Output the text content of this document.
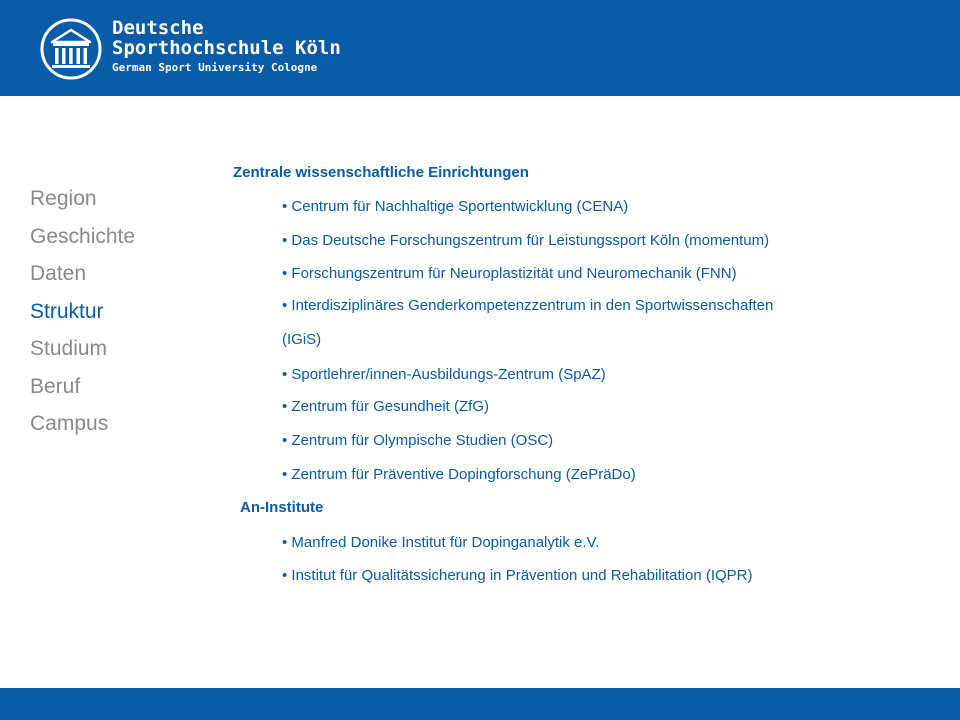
Deutsche
Sporthochschule Köln
German Sport University Cologne
Region
Geschichte
Daten
Struktur
Studium
Beruf
Campus
Zentrale wissenschaftliche Einrichtungen
• Centrum für Nachhaltige Sportentwicklung (CENA)
• Das Deutsche Forschungszentrum für Leistungssport Köln (momentum)
• Forschungszentrum für Neuroplastizität und Neuromechanik (FNN)
• Interdisziplinäres Genderkompetenzzentrum in den Sportwissenschaften
(IGiS)
• Sportlehrer/innen-Ausbildungs-Zentrum (SpAZ)
• Zentrum für Gesundheit (ZfG)
• Zentrum für Olympische Studien (OSC)
• Zentrum für Präventive Dopingforschung (ZePräDo)
An-Institute
• Manfred Donike Institut für Dopinganalytik e.V.
• Institut für Qualitätssicherung in Prävention und Rehabilitation (IQPR)
